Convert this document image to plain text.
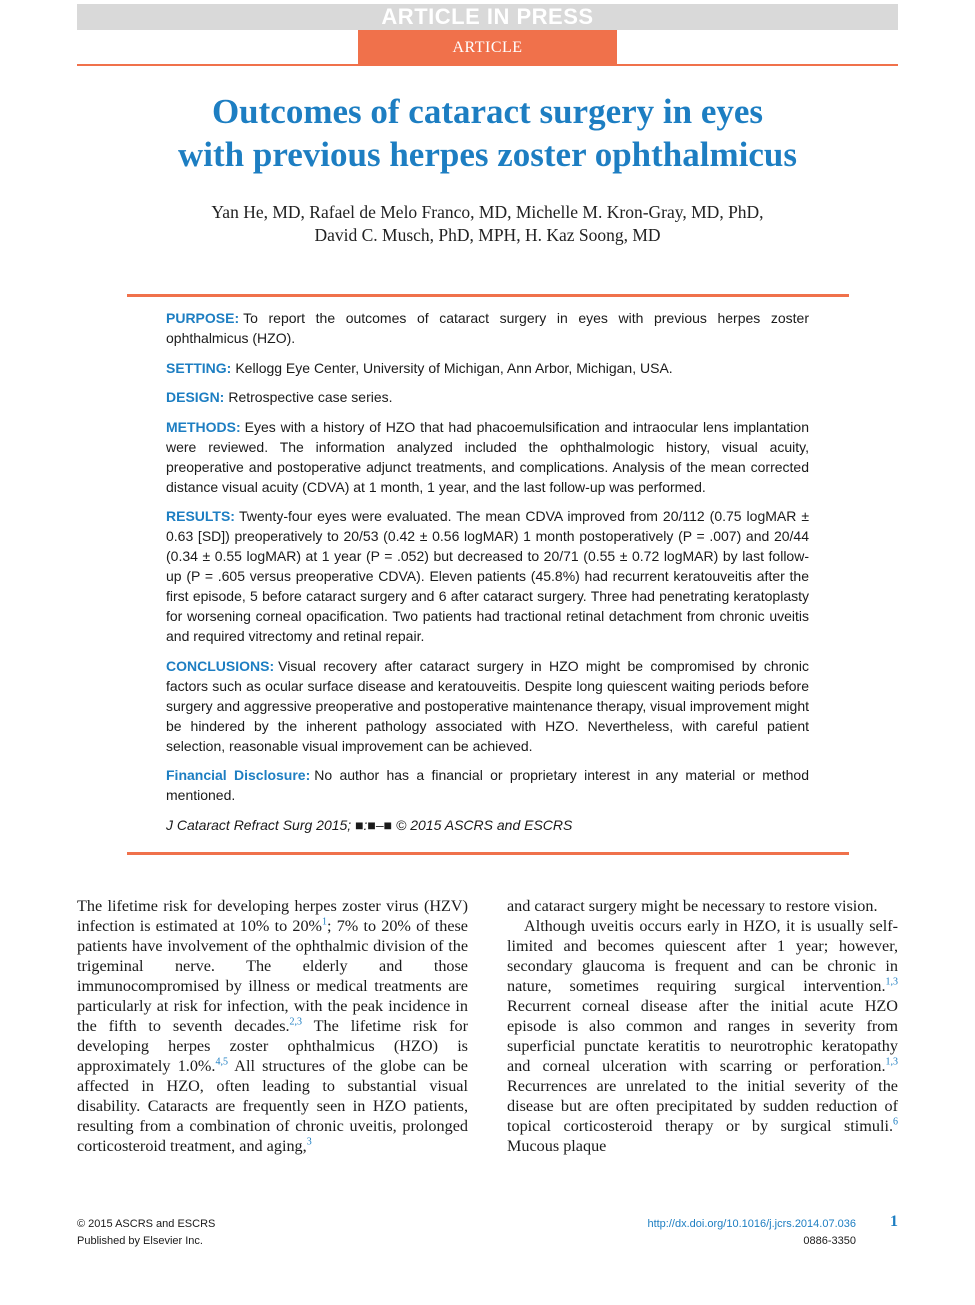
ARTICLE IN PRESS
ARTICLE
Outcomes of cataract surgery in eyes
with previous herpes zoster ophthalmicus
Yan He, MD, Rafael de Melo Franco, MD, Michelle M. Kron-Gray, MD, PhD,
David C. Musch, PhD, MPH, H. Kaz Soong, MD

PURPOSE: To report the outcomes of cataract surgery in eyes with previous herpes zoster ophthalmicus (HZO).

SETTING: Kellogg Eye Center, University of Michigan, Ann Arbor, Michigan, USA.

DESIGN: Retrospective case series.

METHODS: Eyes with a history of HZO that had phacoemulsification and intraocular lens implantation were reviewed. The information analyzed included the ophthalmologic history, visual acuity, preoperative and postoperative adjunct treatments, and complications. Analysis of the mean corrected distance visual acuity (CDVA) at 1 month, 1 year, and the last follow-up was performed.

RESULTS: Twenty-four eyes were evaluated. The mean CDVA improved from 20/112 (0.75 logMAR ± 0.63 [SD]) preoperatively to 20/53 (0.42 ± 0.56 logMAR) 1 month postoperatively (P = .007) and 20/44 (0.34 ± 0.55 logMAR) at 1 year (P = .052) but decreased to 20/71 (0.55 ± 0.72 logMAR) by last follow-up (P = .605 versus preoperative CDVA). Eleven patients (45.8%) had recurrent keratouveitis after the first episode, 5 before cataract surgery and 6 after cataract surgery. Three had penetrating keratoplasty for worsening corneal opacification. Two patients had tractional retinal detachment from chronic uveitis and required vitrectomy and retinal repair.

CONCLUSIONS: Visual recovery after cataract surgery in HZO might be compromised by chronic factors such as ocular surface disease and keratouveitis. Despite long quiescent waiting periods before surgery and aggressive preoperative and postoperative maintenance therapy, visual improvement might be hindered by the inherent pathology associated with HZO. Nevertheless, with careful patient selection, reasonable visual improvement can be achieved.

Financial Disclosure: No author has a financial or proprietary interest in any material or method mentioned.

J Cataract Refract Surg 2015; ■:■–■ © 2015 ASCRS and ESCRS

The lifetime risk for developing herpes zoster virus (HZV) infection is estimated at 10% to 20%$^1$; 7% to 20% of these patients have involvement of the ophthalmic division of the trigeminal nerve. The elderly and those immunocompromised by illness or medical treatments are particularly at risk for infection, with the peak incidence in the fifth to seventh decades.$^{2,3}$ The lifetime risk for developing herpes zoster ophthalmicus (HZO) is approximately 1.0%.$^{4,5}$ All structures of the globe can be affected in HZO, often leading to substantial visual disability. Cataracts are frequently seen in HZO patients, resulting from a combination of chronic uveitis, prolonged corticosteroid treatment, and aging,$^3$

and cataract surgery might be necessary to restore vision.

Although uveitis occurs early in HZO, it is usually self-limited and becomes quiescent after 1 year; however, secondary glaucoma is frequent and can be chronic in nature, sometimes requiring surgical intervention.$^{1,3}$ Recurrent corneal disease after the initial acute HZO episode is also common and ranges in severity from superficial punctate keratitis to neurotrophic keratopathy and corneal ulceration with scarring or perforation.$^{1,3}$ Recurrences are unrelated to the initial severity of the disease but are often precipitated by sudden reduction of topical corticosteroid therapy or by surgical stimuli.$^6$ Mucous plaque

© 2015 ASCRS and ESCRS
Published by Elsevier Inc.
http://dx.doi.org/10.1016/j.jcrs.2014.07.036
0886-3350
1
